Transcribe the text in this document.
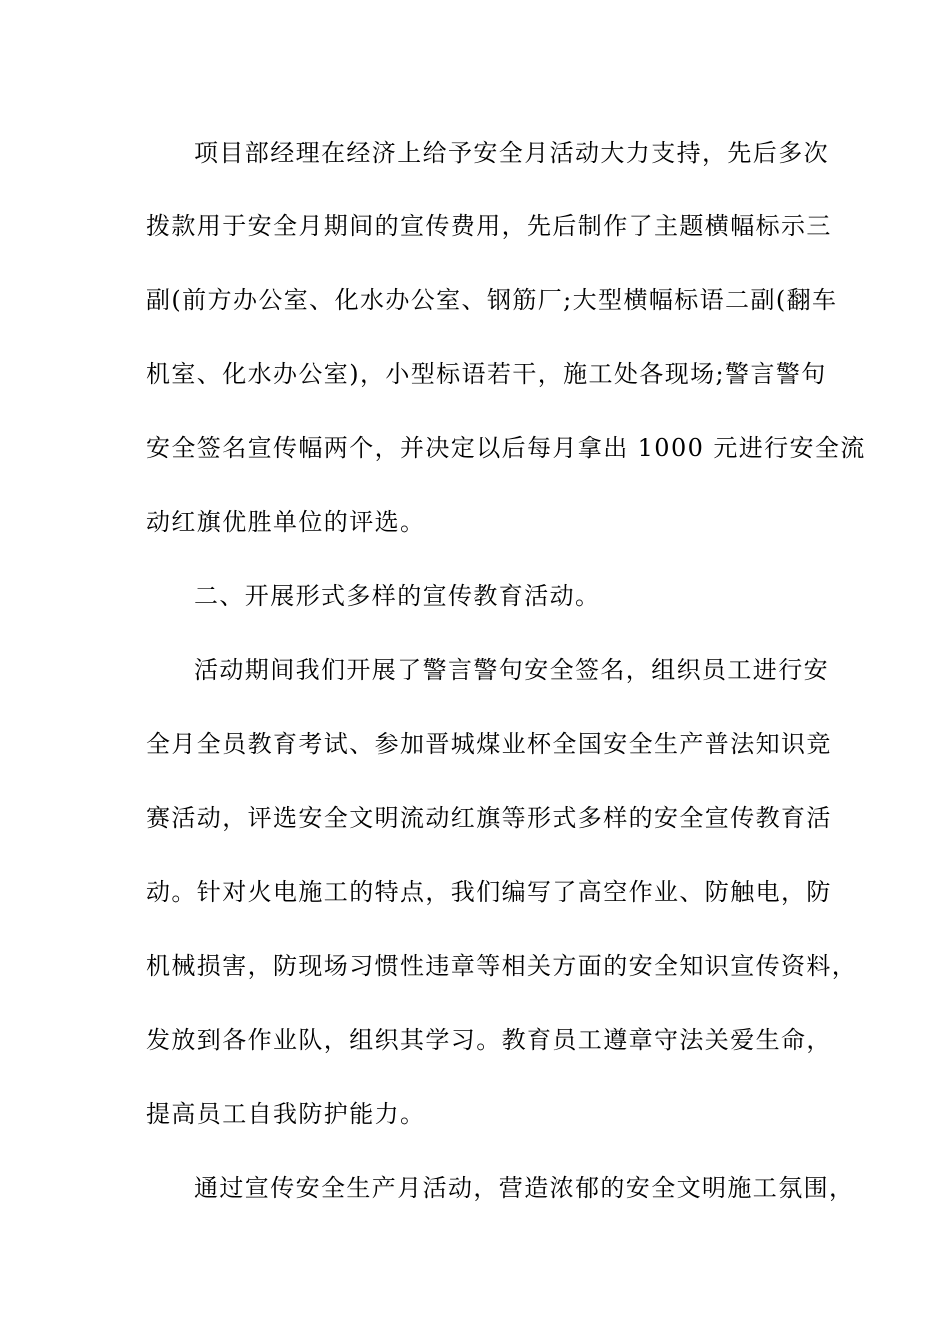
项目部经理在经济上给予安全月活动大力支持，先后多次
拨款用于安全月期间的宣传费用，先后制作了主题横幅标示三
副(前方办公室、化水办公室、钢筋厂;大型横幅标语二副(翻车
机室、化水办公室)，小型标语若干，施工处各现场;警言警句
安全签名宣传幅两个，并决定以后每月拿出 1000 元进行安全流
动红旗优胜单位的评选。
二、开展形式多样的宣传教育活动。
活动期间我们开展了警言警句安全签名，组织员工进行安
全月全员教育考试、参加晋城煤业杯全国安全生产普法知识竞
赛活动，评选安全文明流动红旗等形式多样的安全宣传教育活
动。针对火电施工的特点，我们编写了高空作业、防触电，防
机械损害，防现场习惯性违章等相关方面的安全知识宣传资料，
发放到各作业队，组织其学习。教育员工遵章守法关爱生命，
提高员工自我防护能力。
通过宣传安全生产月活动，营造浓郁的安全文明施工氛围，
